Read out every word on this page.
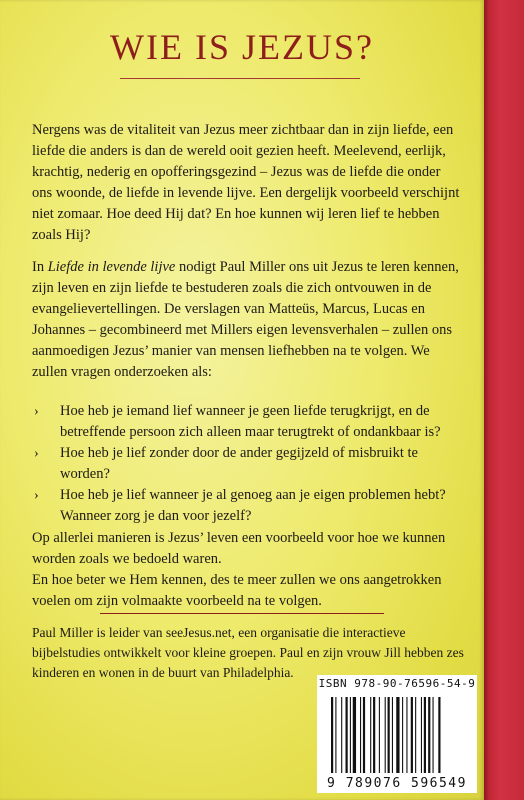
WIE IS JEZUS?
Nergens was de vitaliteit van Jezus meer zichtbaar dan in zijn liefde, een liefde die anders is dan de wereld ooit gezien heeft. Meelevend, eerlijk, krachtig, nederig en opofferingsgezind – Jezus was de liefde die onder ons woonde, de liefde in levende lijve. Een dergelijk voorbeeld verschijnt niet zomaar. Hoe deed Hij dat? En hoe kunnen wij leren lief te hebben zoals Hij?
In Liefde in levende lijve nodigt Paul Miller ons uit Jezus te leren kennen, zijn leven en zijn liefde te bestuderen zoals die zich ontvouwen in de evangelievertellingen. De verslagen van Matteüs, Marcus, Lucas en Johannes – gecombineerd met Millers eigen levensverhalen – zullen ons aanmoedigen Jezus’ manier van mensen liefhebben na te volgen. We zullen vragen onderzoeken als:
› Hoe heb je iemand lief wanneer je geen liefde terugkrijgt, en de betreffende persoon zich alleen maar terugtrekt of ondankbaar is?
› Hoe heb je lief zonder door de ander gegijzeld of misbruikt te worden?
› Hoe heb je lief wanneer je al genoeg aan je eigen problemen hebt? Wanneer zorg je dan voor jezelf?
Op allerlei manieren is Jezus’ leven een voorbeeld voor hoe we kunnen worden zoals we bedoeld waren.
En hoe beter we Hem kennen, des te meer zullen we ons aangetrokken voelen om zijn volmaakte voorbeeld na te volgen.
Paul Miller is leider van seeJesus.net, een organisatie die interactieve bijbelstudies ontwikkelt voor kleine groepen. Paul en zijn vrouw Jill hebben zes kinderen en wonen in de buurt van Philadelphia.
ISBN 978-90-76596-54-9
9 789076 596549
